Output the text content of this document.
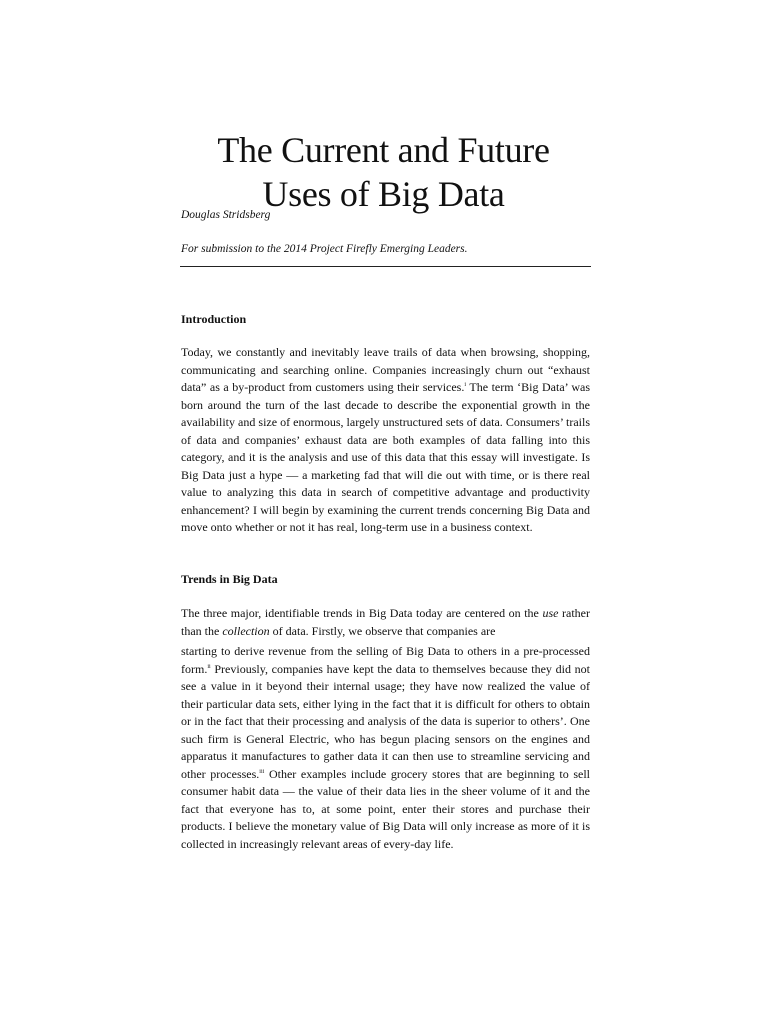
The Current and Future Uses of Big Data

Douglas Stridsberg

For submission to the 2014 Project Firefly Emerging Leaders.

Introduction

Today, we constantly and inevitably leave trails of data when browsing, shopping, communicating and searching online. Companies increasingly churn out “exhaust data” as a by-product from customers using their services.$^i$ The term ‘Big Data’ was born around the turn of the last decade to describe the exponential growth in the availability and size of enormous, largely unstructured sets of data. Consumers’ trails of data and companies’ exhaust data are both examples of data falling into this category, and it is the analysis and use of this data that this essay will investigate. Is Big Data just a hype — a marketing fad that will die out with time, or is there real value to analyzing this data in search of competitive advantage and productivity enhancement? I will begin by examining the current trends concerning Big Data and move onto whether or not it has real, long-term use in a business context.

Trends in Big Data

The three major, identifiable trends in Big Data today are centered on the use rather than the collection of data. Firstly, we observe that companies are

starting to derive revenue from the selling of Big Data to others in a pre-processed form.$^{ii}$ Previously, companies have kept the data to themselves because they did not see a value in it beyond their internal usage; they have now realized the value of their particular data sets, either lying in the fact that it is difficult for others to obtain or in the fact that their processing and analysis of the data is superior to others’. One such firm is General Electric, who has begun placing sensors on the engines and apparatus it manufactures to gather data it can then use to streamline servicing and other processes.$^{iii}$ Other examples include grocery stores that are beginning to sell consumer habit data — the value of their data lies in the sheer volume of it and the fact that everyone has to, at some point, enter their stores and purchase their products. I believe the monetary value of Big Data will only increase as more of it is collected in increasingly relevant areas of every-day life.
